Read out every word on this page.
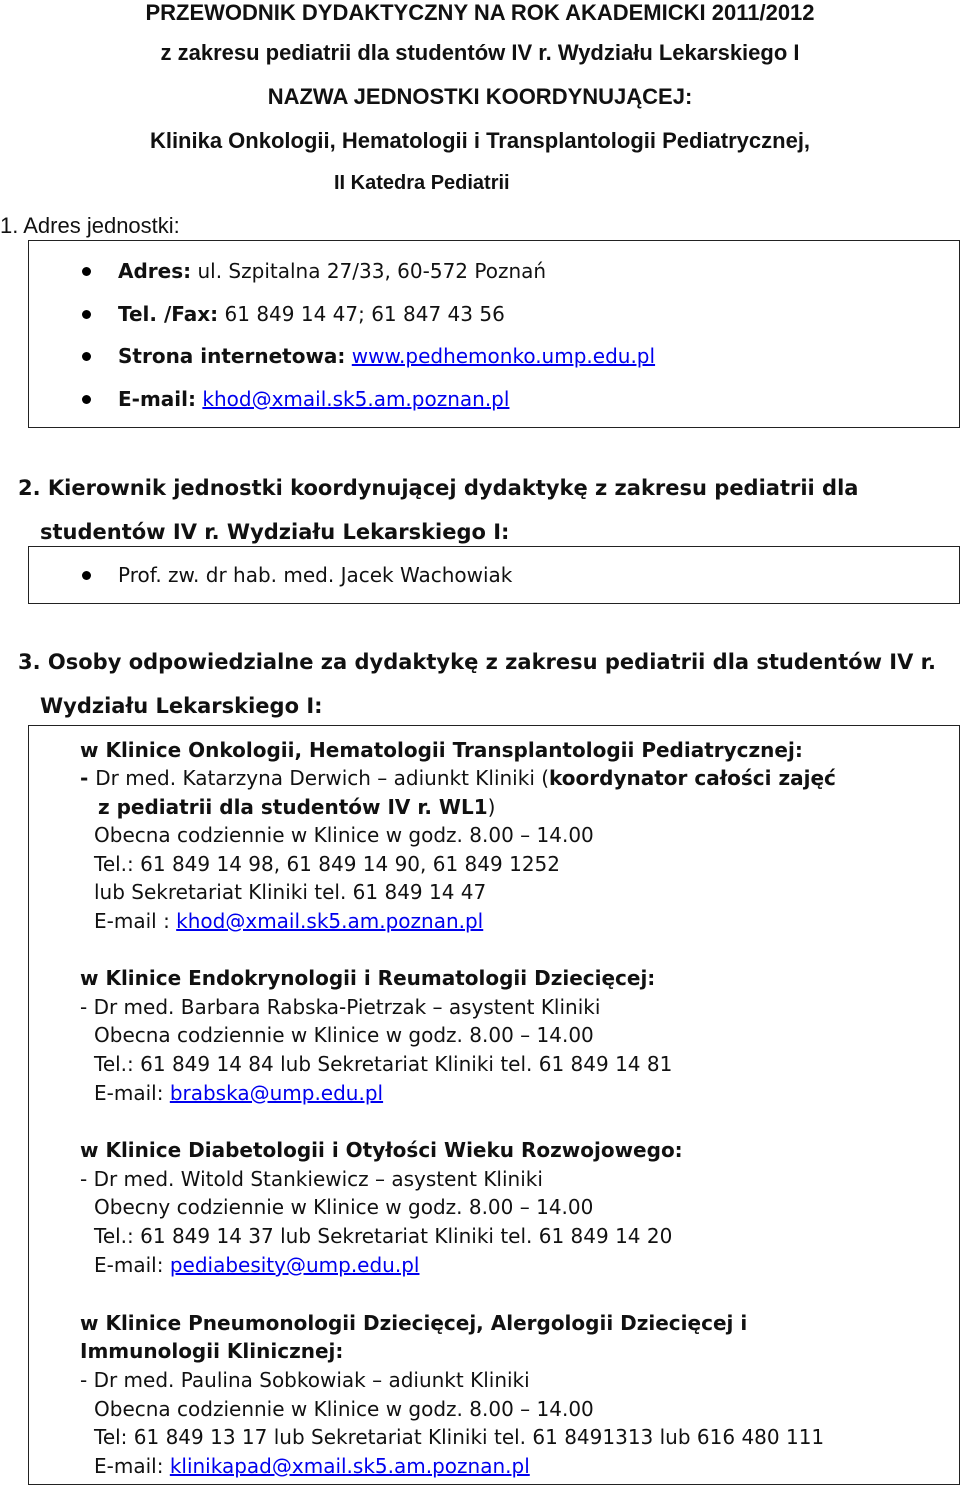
PRZEWODNIK DYDAKTYCZNY NA ROK AKADEMICKI 2011/2012
z zakresu pediatrii dla studentów IV r. Wydziału Lekarskiego I
NAZWA JEDNOSTKI KOORDYNUJĄCEJ:
Klinika Onkologii, Hematologii i Transplantologii Pediatrycznej,
II Katedra Pediatrii
1. Adres jednostki:
Adres: ul. Szpitalna 27/33, 60-572 Poznań
Tel. /Fax: 61 849 14 47; 61 847 43 56
Strona internetowa: www.pedhemonko.ump.edu.pl
E-mail: khod@xmail.sk5.am.poznan.pl
2. Kierownik jednostki koordynującej dydaktykę z zakresu pediatrii dla
studentów IV r. Wydziału Lekarskiego I:
Prof. zw. dr hab. med. Jacek Wachowiak
3. Osoby odpowiedzialne za dydaktykę z zakresu pediatrii dla studentów IV r.
Wydziału Lekarskiego I:
w Klinice Onkologii, Hematologii Transplantologii Pediatrycznej:
- Dr med. Katarzyna Derwich – adiunkt Kliniki (koordynator całości zajęć
z pediatrii dla studentów IV r. WL1)
Obecna codziennie w Klinice w godz. 8.00 – 14.00
Tel.: 61 849 14 98, 61 849 14 90, 61 849 1252
lub Sekretariat Kliniki tel. 61 849 14 47
E-mail : khod@xmail.sk5.am.poznan.pl
w Klinice Endokrynologii i Reumatologii Dziecięcej:
- Dr med. Barbara Rabska-Pietrzak – asystent Kliniki
Obecna codziennie w Klinice w godz. 8.00 – 14.00
Tel.: 61 849 14 84 lub Sekretariat Kliniki tel. 61 849 14 81
E-mail: brabska@ump.edu.pl
w Klinice Diabetologii i Otyłości Wieku Rozwojowego:
- Dr med. Witold Stankiewicz – asystent Kliniki
Obecny codziennie w Klinice w godz. 8.00 – 14.00
Tel.: 61 849 14 37 lub Sekretariat Kliniki tel. 61 849 14 20
E-mail: pediabesity@ump.edu.pl
w Klinice Pneumonologii Dziecięcej, Alergologii Dziecięcej i
Immunologii Klinicznej:
- Dr med. Paulina Sobkowiak – adiunkt Kliniki
Obecna codziennie w Klinice w godz. 8.00 – 14.00
Tel: 61 849 13 17 lub Sekretariat Kliniki tel. 61 8491313 lub 616 480 111
E-mail: klinikapad@xmail.sk5.am.poznan.pl
